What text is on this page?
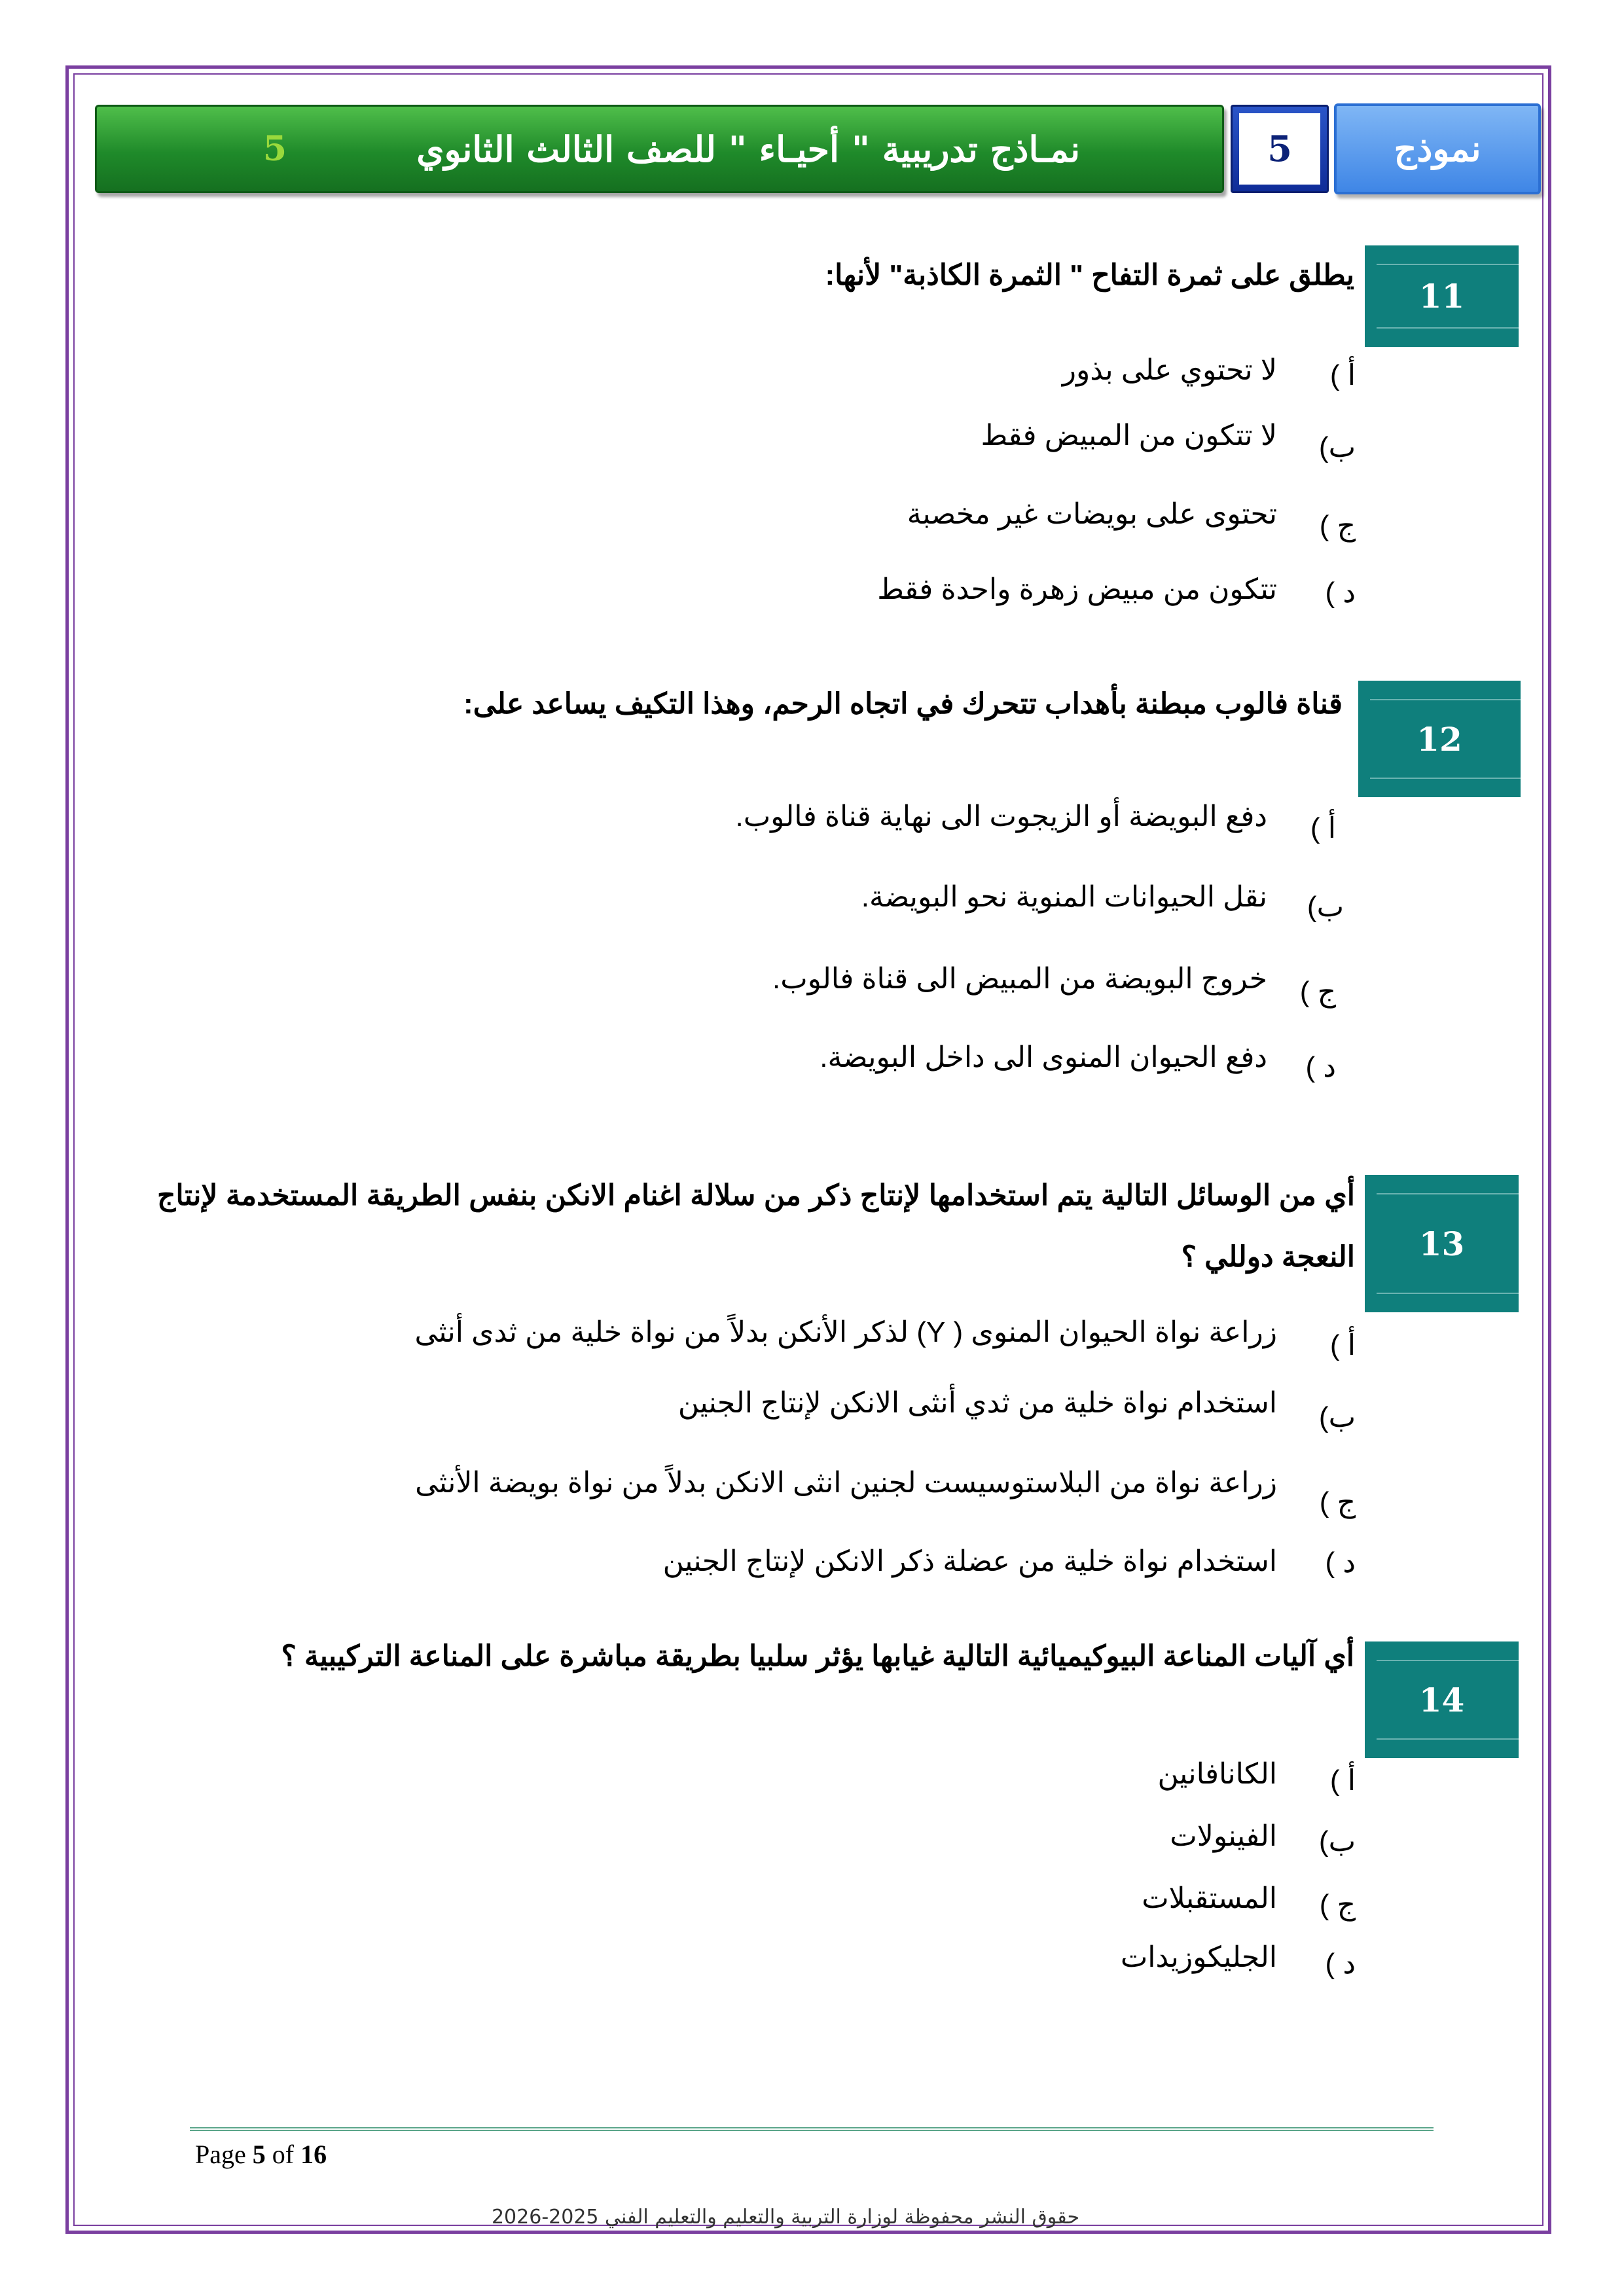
نمـاذج تدريبية " أحيـاء " للصف الثالث الثانوي
5	5	نموذج
11
يطلق على ثمرة التفاح " الثمرة الكاذبة" لأنها:
أ )
لا تحتوي على بذور
ب)
لا تتكون من المبيض فقط
ج )
تحتوى على بويضات غير مخصبة
د )
تتكون من مبيض زهرة واحدة فقط
12
قناة فالوب مبطنة بأهداب تتحرك في اتجاه الرحم، وهذا التكيف يساعد على:
أ )
دفع البويضة أو الزيجوت الى نهاية قناة فالوب.
ب)
نقل الحيوانات المنوية نحو البويضة.
ج )
خروج البويضة من المبيض الى قناة فالوب.
د )
دفع الحيوان المنوى الى داخل البويضة.
13
أي من الوسائل التالية يتم استخدامها لإنتاج ذكر من سلالة اغنام الانكن بنفس الطريقة المستخدمة لإنتاج النعجة دوللي ؟
أ )
زراعة نواة الحيوان المنوى ( Y) لذكر الأنكن بدلاً من نواة خلية من ثدى أنثى
ب)
استخدام نواة خلية من ثدي أنثى الانكن لإنتاج الجنين
ج )
زراعة نواة من البلاستوسيست لجنين انثى الانكن بدلاً من نواة بويضة الأنثى
د )
استخدام نواة خلية من عضلة ذكر الانكن لإنتاج الجنين
14
أي آليات المناعة البيوكيميائية التالية غيابها يؤثر سلبيا بطريقة مباشرة على المناعة التركيبية ؟
أ )
الكانافانين
ب)
الفينولات
ج )
المستقبلات
د )
الجليكوزيدات
Page 5 of 16
حقوق النشر محفوظة لوزارة التربية والتعليم والتعليم الفني 2025-2026
